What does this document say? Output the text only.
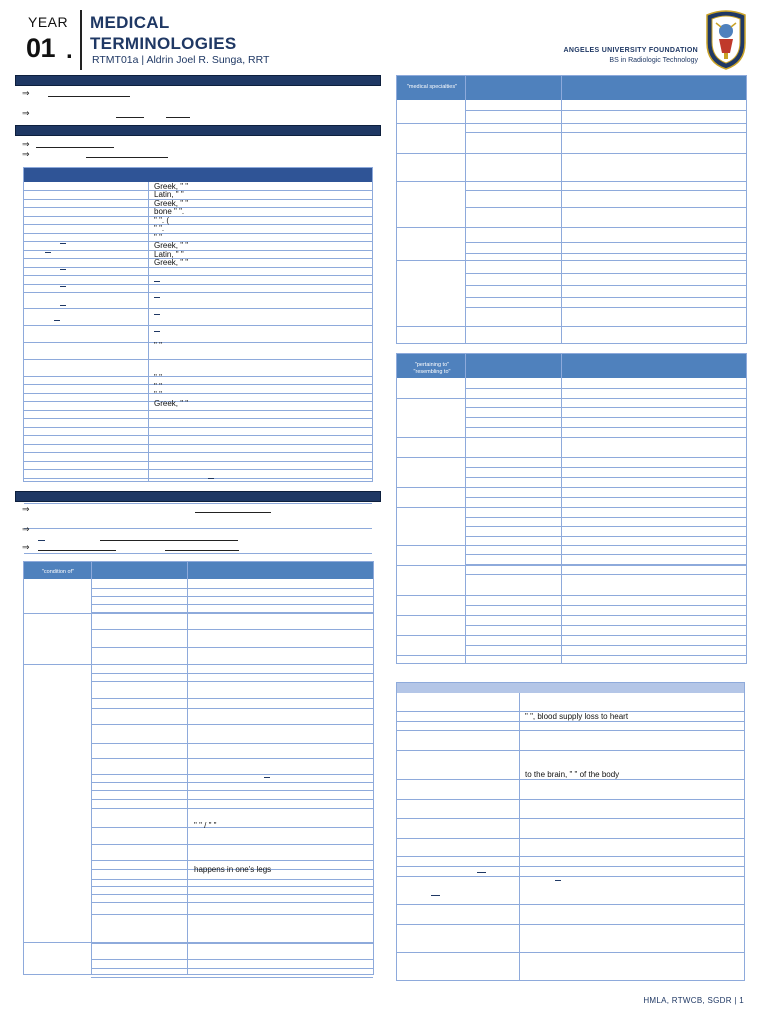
YEAR
01 .
MEDICAL
TERMINOLOGIES
RTMT01a | Aldrin Joel R. Sunga, RRT
ANGELES UNIVERSITY FOUNDATION
BS in Radiologic Technology
⇒
⇒
⇒
⇒
Greek, " "
Latin, " "
Greek, " "
bone " ".
" ". (
" ".
" "
Greek, " "
Latin, " "
Greek, " "
" "
" "
" "
" "
Greek, " "
⇒
⇒
⇒
"condition of"
" " / " "
happens in one's legs
"medical specialties"
"pertaining to" "resembling to"
" ", blood supply loss to heart
to the brain, " " of the body
HMLA, RTWCB, SGDR | 1
